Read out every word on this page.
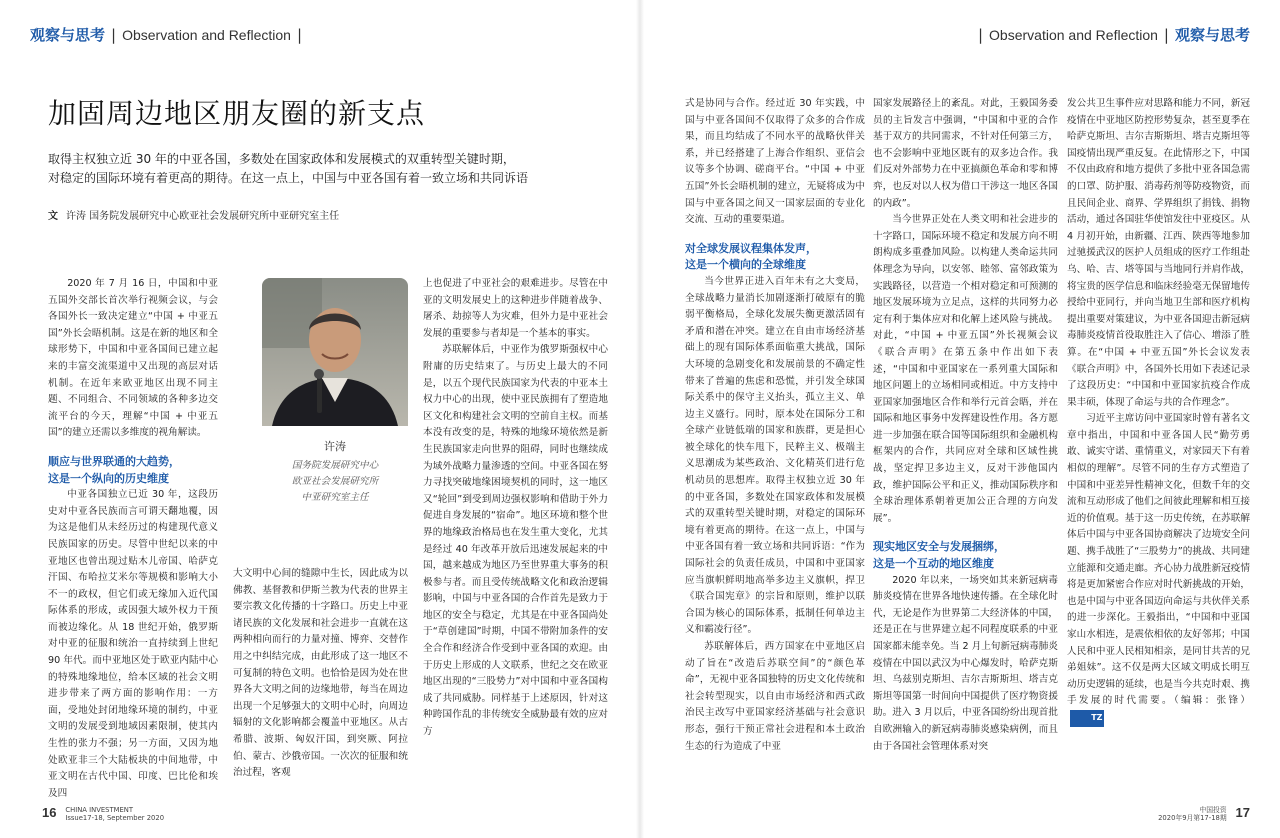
观察与思考 | Observation and Reflection |
加固周边地区朋友圈的新支点
取得主权独立近 30 年的中亚各国，多数处在国家政体和发展模式的双重转型关键时期，
对稳定的国际环境有着更高的期待。在这一点上，中国与中亚各国有着一致立场和共同诉语
文 许涛 国务院发展研究中心欧亚社会发展研究所中亚研究室主任

2020 年 7 月 16 日，中国和中亚五国外交部长首次举行视频会议，与会各国外长一致决定建立“中国 + 中亚五国”外长会晤机制。这是在新的地区和全球形势下，中国和中亚各国间已建立起来的丰富交流渠道中又出现的高层对话机制。在近年来欧亚地区出现不同主题、不同组合、不同领域的各种多边交流平台的今天，理解“中国 + 中亚五国”的建立还需以多维度的视角解读。

顺应与世界联通的大趋势，
这是一个纵向的历史维度

中亚各国独立已近 30 年，这段历史对中亚各民族而言可谓天翻地覆，因为这是他们从未经历过的构建现代意义民族国家的历史。尽管中世纪以来的中亚地区也曾出现过贴木儿帝国、哈萨克汗国、布哈拉艾米尔等规模和影响大小不一的政权，但它们或无缘加入近代国际体系的形成，或因强大域外权力干预而被边缘化。从 18 世纪开始，俄罗斯对中亚的征服和统治一直持续到上世纪 90 年代。而中亚地区处于欧亚内陆中心的特殊地缘地位，给本区域的社会文明进步带来了两方面的影响作用：一方面，受地处封闭地缘环境的制约，中亚文明的发展受到地域因素限制，使其内生性的张力不强；另一方面，又因为地处欧亚非三个大陆板块的中间地带，中亚文明在古代中国、印度、巴比伦和埃及四

许涛
国务院发展研究中心
欧亚社会发展研究所
中亚研究室主任

大文明中心间的缝隙中生长，因此成为以佛教、基督教和伊斯兰教为代表的世界主要宗教文化传播的十字路口。历史上中亚诸民族的文化发展和社会进步一直就在这两种相向而行的力量对撞、博弈、交替作用之中纠结完成，由此形成了这一地区不可复制的特色文明。也恰恰是因为处在世界各大文明之间的边缘地带，每当在周边出现一个足够强大的文明中心时，向周边辐射的文化影响都会覆盖中亚地区。从古希腊、波斯、匈奴汗国，到突厥、阿拉伯、蒙古、沙俄帝国。一次次的征服和统治过程，客观

上也促进了中亚社会的艰难进步。尽管在中亚的文明发展史上的这种进步伴随着战争、屠杀、劫掠等人为灾难，但外力是中亚社会发展的重要参与者却是一个基本的事实。

苏联解体后，中亚作为俄罗斯强权中心附庸的历史结束了。与历史上最大的不同是，以五个现代民族国家为代表的中亚本土权力中心的出现，使中亚民族拥有了塑造地区文化和构建社会文明的空前自主权。而基本没有改变的是，特殊的地缘环境依然是新生民族国家走向世界的阻碍，同时也继续成为域外战略力量渗透的空间。中亚各国在努力寻找突破地缘困境契机的同时，这一地区又“轮回”到受到周边强权影响和借助于外力促进自身发展的“宿命”。地区环境和整个世界的地缘政治格局也在发生重大变化，尤其是经过 40 年改革开放后迅速发展起来的中国，越来越成为地区乃至世界重大事务的积极参与者。而且受传统战略文化和政治逻辑影响，中国与中亚各国的合作首先是致力于地区的安全与稳定，尤其是在中亚各国尚处于“草创建国”时期，中国不带附加条件的安全合作和经济合作受到中亚各国的欢迎。由于历史上形成的人文联系，世纪之交在欧亚地区出现的“三股势力”对中国和中亚各国构成了共同威胁。同样基于上述原因，针对这种跨国作乱的非传统安全威胁最有效的应对方

16 CHINA INVESTMENT
Issue17-18, September 2020
| Observation and Reflection | 观察与思考

式是协同与合作。经过近 30 年实践，中国与中亚各国间不仅取得了众多的合作成果，而且均结成了不同水平的战略伙伴关系，并已经搭建了上海合作组织、亚信会议等多个协调、磋商平台。“中国 + 中亚五国”外长会晤机制的建立，无疑将成为中国与中亚各国之间又一国家层面的专业化交流、互动的重要渠道。

对全球发展议程集体发声，
这是一个横向的全球维度

当今世界正进入百年未有之大变局，全球战略力量消长加剧逐渐打破原有的脆弱平衡格局，全球化发展失衡更激活固有矛盾和潜在冲突。建立在自由市场经济基础上的现有国际体系面临重大挑战，国际大环境的急剧变化和发展前景的不确定性带来了普遍的焦虑和恐慌，并引发全球国际关系中的保守主义抬头，孤立主义、单边主义盛行。同时，原本处在国际分工和全球产业链低端的国家和族群，更是担心被全球化的快车甩下，民粹主义、极端主义思潮成为某些政治、文化精英们进行危机动员的思想库。取得主权独立近 30 年的中亚各国，多数处在国家政体和发展模式的双重转型关键时期，对稳定的国际环境有着更高的期待。在这一点上，中国与中亚各国有着一致立场和共同诉语：“作为国际社会的负责任成员，中国和中亚国家应当旗帜鲜明地高举多边主义旗帜，捍卫《联合国宪章》的宗旨和原则，维护以联合国为核心的国际体系，抵制任何单边主义和霸凌行径”。

苏联解体后，西方国家在中亚地区启动了旨在“改造后苏联空间”的“颜色革命”，无视中亚各国独特的历史文化传统和社会转型现实，以自由市场经济和西式政治民主改写中亚国家经济基础与社会意识形态，强行干预正常社会进程和本土政治生态的行为造成了中亚

国家发展路径上的紊乱。对此，王毅国务委员的主旨发言中强调，“中国和中亚的合作基于双方的共同需求，不针对任何第三方，也不会影响中亚地区既有的双多边合作。我们反对外部势力在中亚搞颜色革命和零和博弈，也反对以人权为借口干涉这一地区各国的内政”。

当今世界正处在人类文明和社会进步的十字路口，国际环境不稳定和发展方向不明朗构成多重叠加风险。以构建人类命运共同体理念为导向，以安邻、睦邻、富邻政策为实践路径，以营造一个相对稳定和可预测的地区发展环境为立足点，这样的共同努力必定有利于集体应对和化解上述风险与挑战。对此，“中国 + 中亚五国”外长视频会议《联合声明》在第五条中作出如下表述，“中国和中亚国家在一系列重大国际和地区问题上的立场相同或相近。中方支持中亚国家加强地区合作和举行元首会晤，并在国际和地区事务中发挥建设性作用。各方愿进一步加强在联合国等国际组织和金融机构框架内的合作，共同应对全球和区域性挑战，坚定捍卫多边主义，反对干涉他国内政，维护国际公平和正义，推动国际秩序和全球治理体系朝着更加公正合理的方向发展”。

现实地区安全与发展捆绑，
这是一个互动的地区维度

2020 年以来，一场突如其来新冠病毒肺炎疫情在世界各地快速传播。在全球化时代，无论是作为世界第二大经济体的中国，还是正在与世界建立起不同程度联系的中亚国家都未能幸免。当 2 月上旬新冠病毒肺炎疫情在中国以武汉为中心爆发时，哈萨克斯坦、乌兹别克斯坦、吉尔吉斯斯坦、塔吉克斯坦等国第一时间向中国提供了医疗物资援助。进入 3 月以后，中亚各国纷纷出现首批自欧洲输入的新冠病毒肺炎感染病例，而且由于各国社会管理体系对突

发公共卫生事件应对思路和能力不同，新冠疫情在中亚地区防控形势复杂，甚至夏季在哈萨克斯坦、吉尔吉斯斯坦、塔吉克斯坦等国疫情出现严重反复。在此情形之下，中国不仅由政府和地方提供了多批中亚各国急需的口罩、防护服、消毒药剂等防疫物资，而且民间企业、商界、学界组织了捐钱、捐物活动，通过各国驻华使馆发往中亚疫区。从 4 月初开始，由新疆、江西、陕西等地参加过驰援武汉的医护人员组成的医疗工作组赴乌、哈、吉、塔等国与当地同行并肩作战，将宝贵的医学信息和临床经验毫无保留地传授给中亚同行，并向当地卫生部和医疗机构提出重要对策建议，为中亚各国迎击新冠病毒肺炎疫情首役取胜注入了信心、增添了胜算。在“中国 + 中亚五国”外长会议发表《联合声明》中，各国外长用如下表述记录了这段历史：“中国和中亚国家抗疫合作成果丰硕，体现了命运与共的合作理念”。

习近平主席访问中亚国家时曾有著名文章中指出，中国和中亚各国人民“勤劳勇敢、诚实守诺、重情重义，对家园天下有着相似的理解”。尽管不同的生存方式塑造了中国和中亚差异性精神文化，但数千年的交流和互动形成了他们之间彼此理解和相互接近的价值观。基于这一历史传统，在苏联解体后中国与中亚各国协商解决了边境安全问题、携手战胜了“三股势力”的挑战、共同建立能源和交通走廊。齐心协力战胜新冠疫情将是更加紧密合作应对时代新挑战的开始，也是中国与中亚各国迈向命运与共伙伴关系的进一步深化。王毅指出，“中国和中亚国家山水相连，是震依相依的友好邻邦；中国人民和中亚人民相知相亲，是同甘共苦的兄弟姐妹”。这不仅是两大区域文明成长明互动历史逻辑的延续，也是当今共克时艰、携手发展的时代需要。（编辑：张锋）TZ

中国投资
2020年9月第17-18期 17
